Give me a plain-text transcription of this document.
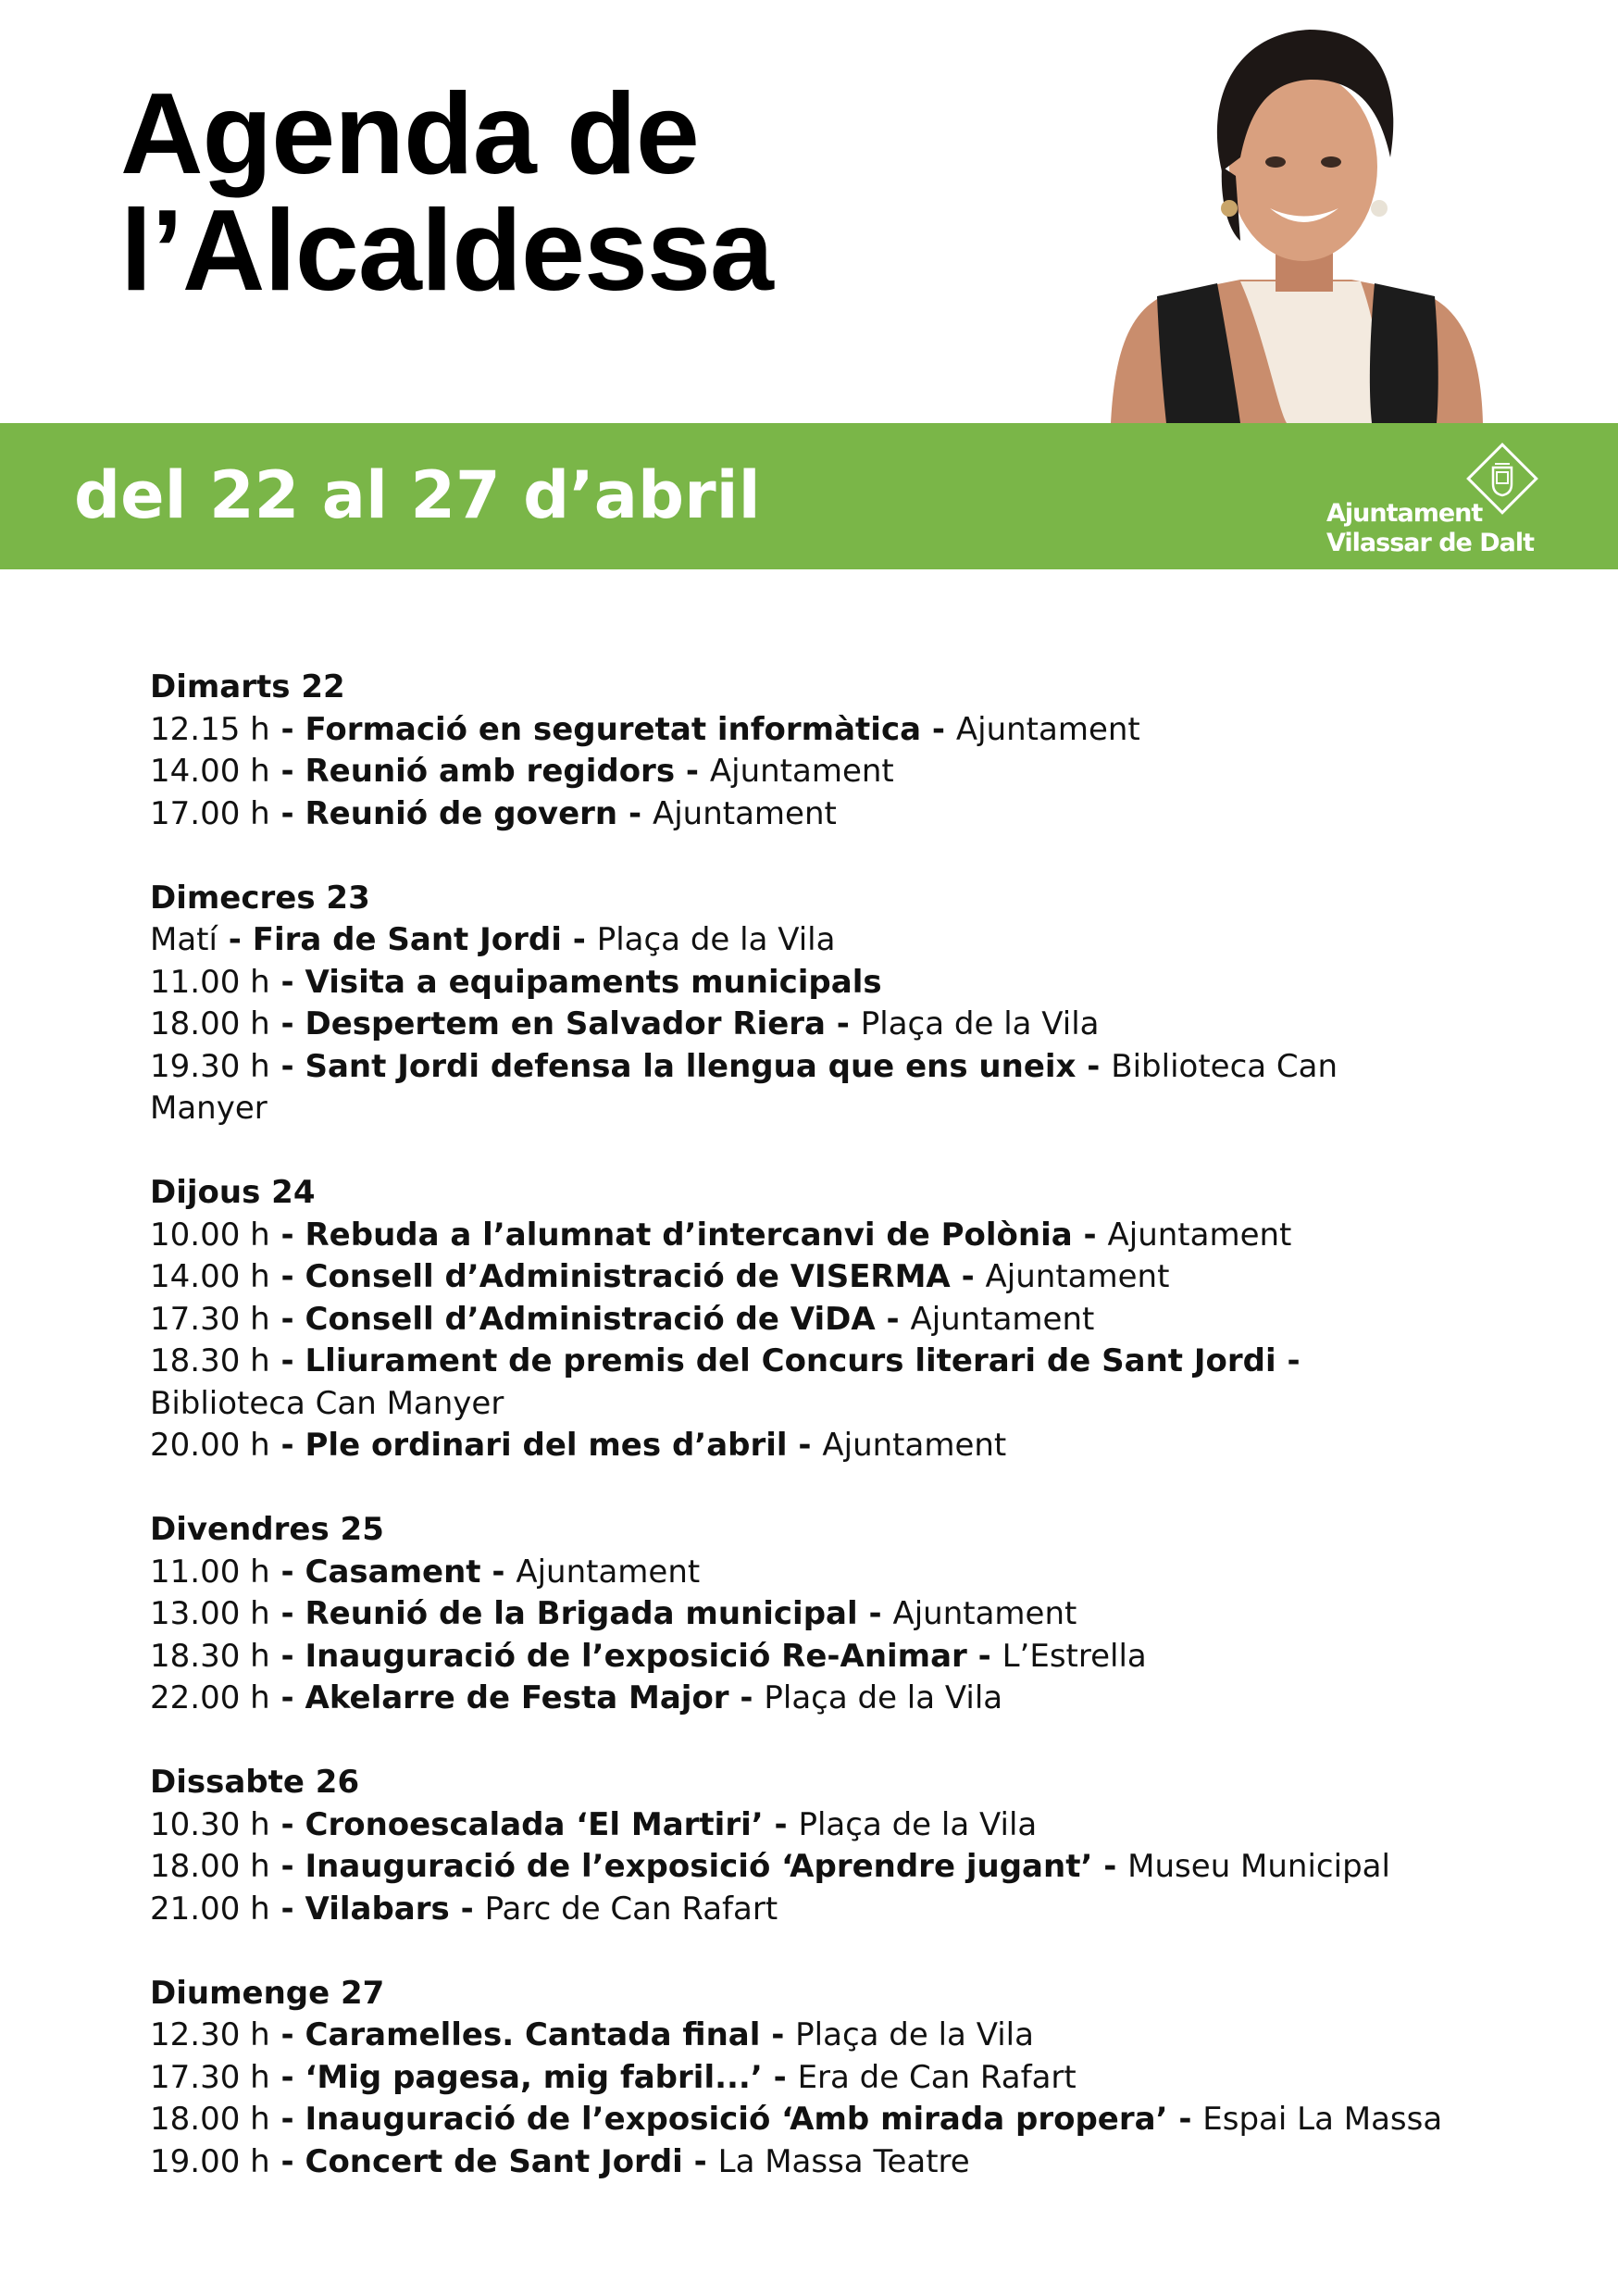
Agenda de
l’Alcaldessa
del 22 al 27 d’abril	Ajuntament
Vilassar de Dalt
Dimarts 22
12.15 h - Formació en seguretat informàtica - Ajuntament
14.00 h - Reunió amb regidors - Ajuntament
17.00 h - Reunió de govern - Ajuntament
Dimecres 23
Matí - Fira de Sant Jordi - Plaça de la Vila
11.00 h - Visita a equipaments municipals
18.00 h - Despertem en Salvador Riera - Plaça de la Vila
19.30 h - Sant Jordi defensa la llengua que ens uneix - Biblioteca Can Manyer
Dijous 24
10.00 h - Rebuda a l’alumnat d’intercanvi de Polònia - Ajuntament
14.00 h - Consell d’Administració de VISERMA - Ajuntament
17.30 h - Consell d’Administració de ViDA - Ajuntament
18.30 h - Lliurament de premis del Concurs literari de Sant Jordi - Biblioteca Can Manyer
20.00 h - Ple ordinari del mes d’abril - Ajuntament
Divendres 25
11.00 h - Casament - Ajuntament
13.00 h - Reunió de la Brigada municipal - Ajuntament
18.30 h - Inauguració de l’exposició Re-Animar - L’Estrella
22.00 h - Akelarre de Festa Major - Plaça de la Vila
Dissabte 26
10.30 h - Cronoescalada ‘El Martiri’ - Plaça de la Vila
18.00 h - Inauguració de l’exposició ‘Aprendre jugant’ - Museu Municipal
21.00 h - Vilabars - Parc de Can Rafart
Diumenge 27
12.30 h - Caramelles. Cantada final - Plaça de la Vila
17.30 h - ‘Mig pagesa, mig fabril...’ - Era de Can Rafart
18.00 h - Inauguració de l’exposició ‘Amb mirada propera’ - Espai La Massa
19.00 h - Concert de Sant Jordi - La Massa Teatre
